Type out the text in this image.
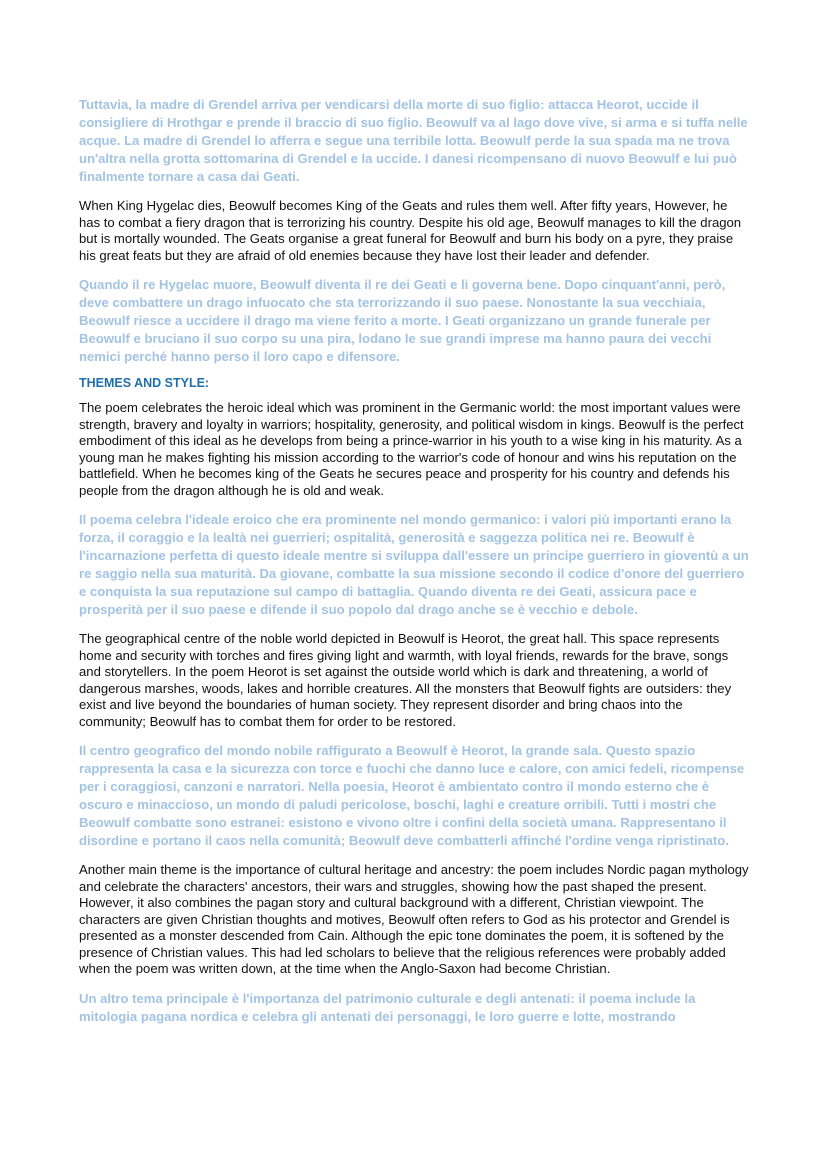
Tuttavia, la madre di Grendel arriva per vendicarsi della morte di suo figlio: attacca Heorot, uccide il consigliere di Hrothgar e prende il braccio di suo figlio. Beowulf va al lago dove vive, si arma e si tuffa nelle acque. La madre di Grendel lo afferra e segue una terribile lotta. Beowulf perde la sua spada ma ne trova un'altra nella grotta sottomarina di Grendel e la uccide. I danesi ricompensano di nuovo Beowulf e lui può finalmente tornare a casa dai Geati.

When King Hygelac dies, Beowulf becomes King of the Geats and rules them well. After fifty years, However, he has to combat a fiery dragon that is terrorizing his country. Despite his old age, Beowulf manages to kill the dragon but is mortally wounded. The Geats organise a great funeral for Beowulf and burn his body on a pyre, they praise his great feats but they are afraid of old enemies because they have lost their leader and defender.

Quando il re Hygelac muore, Beowulf diventa il re dei Geati e li governa bene. Dopo cinquant'anni, però, deve combattere un drago infuocato che sta terrorizzando il suo paese. Nonostante la sua vecchiaia, Beowulf riesce a uccidere il drago ma viene ferito a morte. I Geati organizzano un grande funerale per Beowulf e bruciano il suo corpo su una pira, lodano le sue grandi imprese ma hanno paura dei vecchi nemici perché hanno perso il loro capo e difensore.

THEMES AND STYLE:

The poem celebrates the heroic ideal which was prominent in the Germanic world: the most important values were strength, bravery and loyalty in warriors; hospitality, generosity, and political wisdom in kings. Beowulf is the perfect embodiment of this ideal as he develops from being a prince-warrior in his youth to a wise king in his maturity. As a young man he makes fighting his mission according to the warrior's code of honour and wins his reputation on the battlefield. When he becomes king of the Geats he secures peace and prosperity for his country and defends his people from the dragon although he is old and weak.

Il poema celebra l'ideale eroico che era prominente nel mondo germanico: i valori più importanti erano la forza, il coraggio e la lealtà nei guerrieri; ospitalità, generosità e saggezza politica nei re. Beowulf è l'incarnazione perfetta di questo ideale mentre si sviluppa dall'essere un principe guerriero in gioventù a un re saggio nella sua maturità. Da giovane, combatte la sua missione secondo il codice d'onore del guerriero e conquista la sua reputazione sul campo di battaglia. Quando diventa re dei Geati, assicura pace e prosperità per il suo paese e difende il suo popolo dal drago anche se è vecchio e debole.

The geographical centre of the noble world depicted in Beowulf is Heorot, the great hall. This space represents home and security with torches and fires giving light and warmth, with loyal friends, rewards for the brave, songs and storytellers. In the poem Heorot is set against the outside world which is dark and threatening, a world of dangerous marshes, woods, lakes and horrible creatures. All the monsters that Beowulf fights are outsiders: they exist and live beyond the boundaries of human society. They represent disorder and bring chaos into the community; Beowulf has to combat them for order to be restored.

Il centro geografico del mondo nobile raffigurato a Beowulf è Heorot, la grande sala. Questo spazio rappresenta la casa e la sicurezza con torce e fuochi che danno luce e calore, con amici fedeli, ricompense per i coraggiosi, canzoni e narratori. Nella poesia, Heorot è ambientato contro il mondo esterno che è oscuro e minaccioso, un mondo di paludi pericolose, boschi, laghi e creature orribili. Tutti i mostri che Beowulf combatte sono estranei: esistono e vivono oltre i confini della società umana. Rappresentano il disordine e portano il caos nella comunità; Beowulf deve combatterli affinché l'ordine venga ripristinato.

Another main theme is the importance of cultural heritage and ancestry: the poem includes Nordic pagan mythology and celebrate the characters' ancestors, their wars and struggles, showing how the past shaped the present. However, it also combines the pagan story and cultural background with a different, Christian viewpoint. The characters are given Christian thoughts and motives, Beowulf often refers to God as his protector and Grendel is presented as a monster descended from Cain. Although the epic tone dominates the poem, it is softened by the presence of Christian values. This had led scholars to believe that the religious references were probably added when the poem was written down, at the time when the Anglo-Saxon had become Christian.

Un altro tema principale è l'importanza del patrimonio culturale e degli antenati: il poema include la mitologia pagana nordica e celebra gli antenati dei personaggi, le loro guerre e lotte, mostrando
